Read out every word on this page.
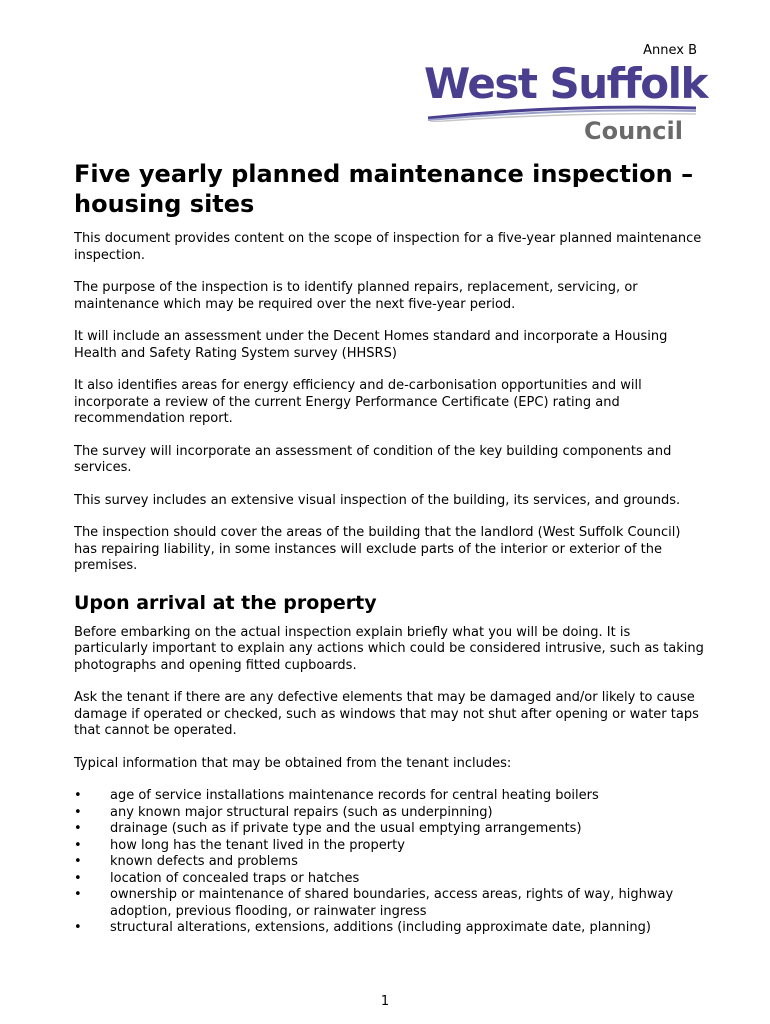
Annex B
West Suffolk
Council
Five yearly planned maintenance inspection – housing sites

This document provides content on the scope of inspection for a five-year planned maintenance inspection.

The purpose of the inspection is to identify planned repairs, replacement, servicing, or maintenance which may be required over the next five-year period.

It will include an assessment under the Decent Homes standard and incorporate a Housing Health and Safety Rating System survey (HHSRS)

It also identifies areas for energy efficiency and de-carbonisation opportunities and will incorporate a review of the current Energy Performance Certificate (EPC) rating and recommendation report.

The survey will incorporate an assessment of condition of the key building components and services.

This survey includes an extensive visual inspection of the building, its services, and grounds.

The inspection should cover the areas of the building that the landlord (West Suffolk Council) has repairing liability, in some instances will exclude parts of the interior or exterior of the premises.

Upon arrival at the property

Before embarking on the actual inspection explain briefly what you will be doing. It is particularly important to explain any actions which could be considered intrusive, such as taking photographs and opening fitted cupboards.

Ask the tenant if there are any defective elements that may be damaged and/or likely to cause damage if operated or checked, such as windows that may not shut after opening or water taps that cannot be operated.

Typical information that may be obtained from the tenant includes:

• age of service installations maintenance records for central heating boilers
• any known major structural repairs (such as underpinning)
• drainage (such as if private type and the usual emptying arrangements)
• how long has the tenant lived in the property
• known defects and problems
• location of concealed traps or hatches
• ownership or maintenance of shared boundaries, access areas, rights of way, highway adoption, previous flooding, or rainwater ingress
• structural alterations, extensions, additions (including approximate date, planning)
1
